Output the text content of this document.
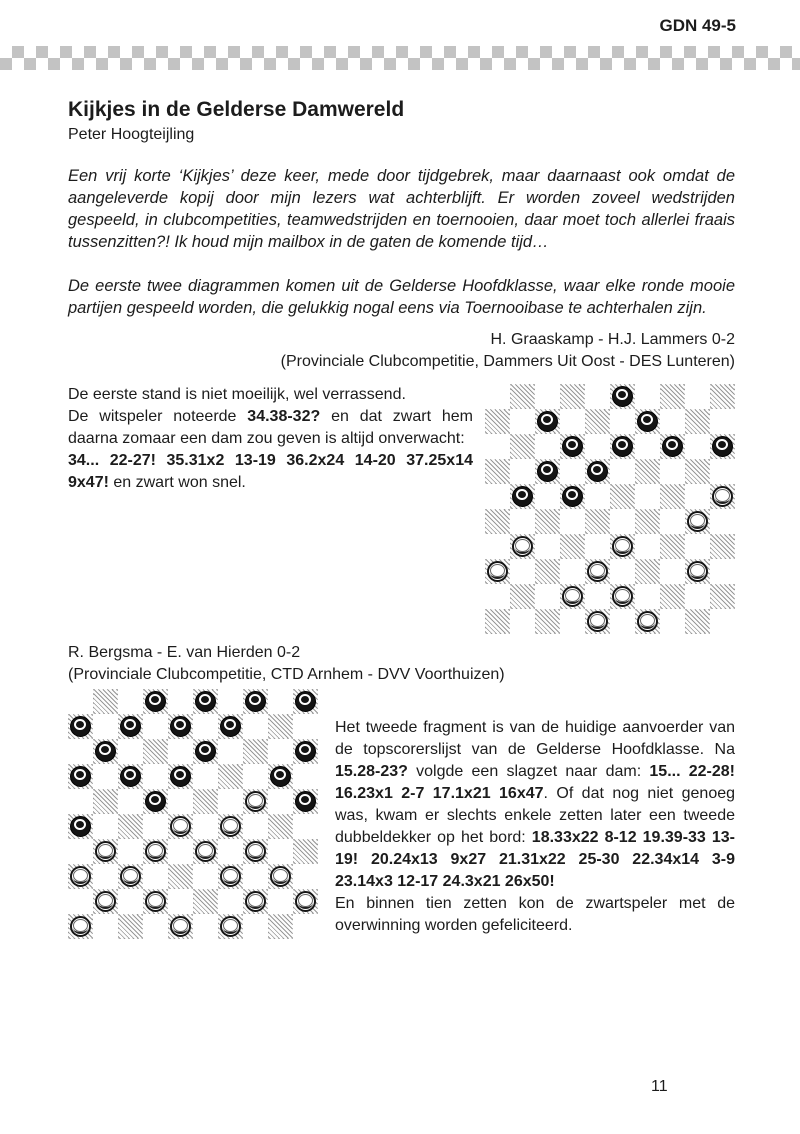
GDN 49-5
Kijkjes in de Gelderse Damwereld
Peter Hoogteijling

Een vrij korte ‘Kijkjes’ deze keer, mede door tijdgebrek, maar daarnaast ook omdat de aangeleverde kopij door mijn lezers wat achterblijft. Er worden zoveel wedstrijden gespeeld, in clubcompetities, teamwedstrijden en toernooien, daar moet toch allerlei fraais tussenzitten?! Ik houd mijn mailbox in de gaten de komende tijd…

De eerste twee diagrammen komen uit de Gelderse Hoofdklasse, waar elke ronde mooie partijen gespeeld worden, die gelukkig nogal eens via Toernooibase te achterhalen zijn.

H. Graaskamp - H.J. Lammers 0-2
(Provinciale Clubcompetitie, Dammers Uit Oost - DES Lunteren)

De eerste stand is niet moeilijk, wel verrassend.

De witspeler noteerde 34.38-32? en dat zwart hem daarna zomaar een dam zou geven is altijd onverwacht:

34... 22-27! 35.31x2 13-19 36.2x24 14-20 37.25x14 9x47! en zwart won snel.

R. Bergsma - E. van Hierden 0-2
(Provinciale Clubcompetitie, CTD Arnhem - DVV Voorthuizen)

Het tweede fragment is van de huidige aanvoerder van de topscorerslijst van de Gelderse Hoofdklasse. Na 15.28-23? volgde een slagzet naar dam: 15... 22-28! 16.23x1 2-7 17.1x21 16x47. Of dat nog niet genoeg was, kwam er slechts enkele zetten later een tweede dubbeldekker op het bord: 18.33x22 8-12 19.39-33 13-19! 20.24x13 9x27 21.31x22 25-30 22.34x14 3-9 23.14x3 12-17 24.3x21 26x50!

En binnen tien zetten kon de zwartspeler met de overwinning worden gefeliciteerd.

11
